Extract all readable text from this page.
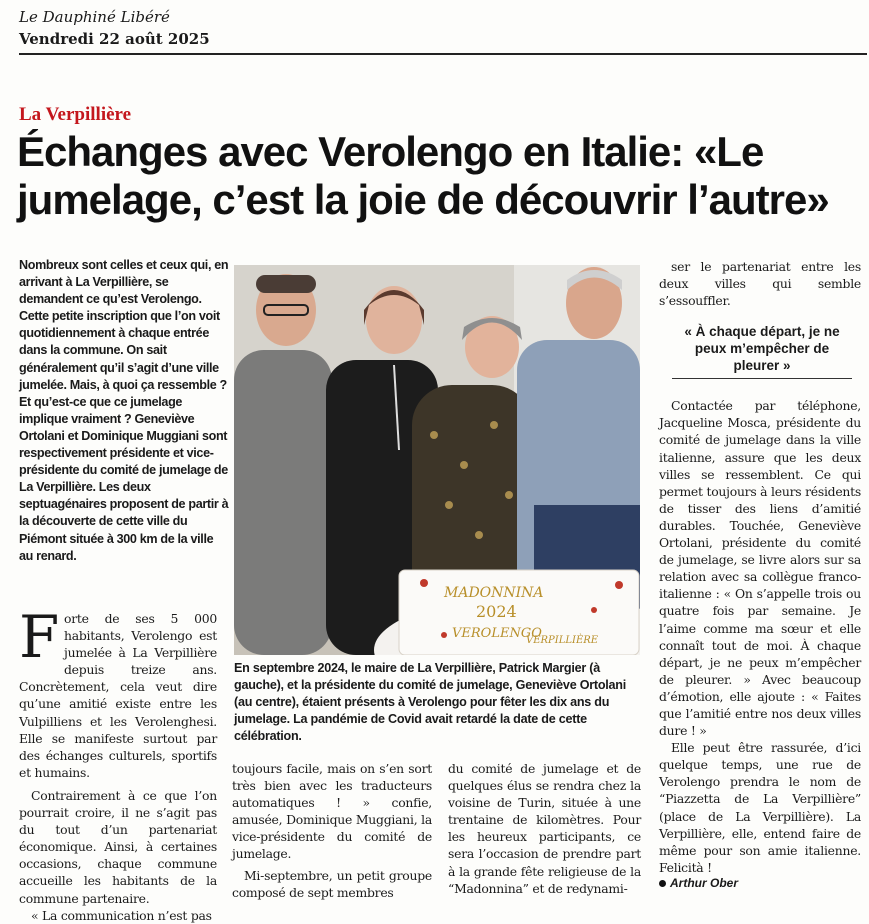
Le Dauphiné Libéré
Vendredi 22 août 2025
La Verpillière
Échanges avec Verolengo en Italie: «Le jumelage, c’est la joie de découvrir l’autre»

Nombreux sont celles et ceux qui, en arrivant à La Verpillière, se demandent ce qu’est Verolengo. Cette petite inscription que l’on voit quotidiennement à chaque entrée dans la commune. On sait généralement qu’il s’agit d’une ville jumelée. Mais, à quoi ça ressemble ? Et qu’est-ce que ce jumelage implique vraiment ? Geneviève Ortolani et Dominique Muggiani sont respectivement présidente et vice-présidente du comité de jumelage de La Verpillière. Les deux septuagénaires proposent de partir à la découverte de cette ville du Piémont située à 300 km de la ville au renard.

F orte de ses 5 000 habitants, Verolengo est jumelée à La Verpillière depuis treize ans. Concrètement, cela veut dire qu’une amitié existe entre les Vulpilliens et les Verolenghesi. Elle se manifeste surtout par des échanges culturels, sportifs et humains.

Contrairement à ce que l’on pourrait croire, il ne s’agit pas du tout d’un partenariat économique. Ainsi, à certaines occasions, chaque commune accueille les habitants de la commune partenaire.

« La communication n’est pas

MADONNINA
2024
VEROLENGO
VERPILLIÈRE
En septembre 2024, le maire de La Verpillière, Patrick Margier (à gauche), et la présidente du comité de jumelage, Geneviève Ortolani (au centre), étaient présents à Verolengo pour fêter les dix ans du jumelage. La pandémie de Covid avait retardé la date de cette célébration.

toujours facile, mais on s’en sort très bien avec les traducteurs automatiques ! » confie, amusée, Dominique Muggiani, la vice-présidente du comité de jumelage.

Mi-septembre, un petit groupe composé de sept membres

du comité de jumelage et de quelques élus se rendra chez la voisine de Turin, située à une trentaine de kilomètres. Pour les heureux participants, ce sera l’occasion de prendre part à la grande fête religieuse de la “Madonnina” et de redynami-

ser le partenariat entre les deux villes qui semble s’essouffler.

Contactée par téléphone, Jacqueline Mosca, présidente du comité de jumelage dans la ville italienne, assure que les deux villes se ressemblent. Ce qui permet toujours à leurs résidents de tisser des liens d’amitié durables. Touchée, Geneviève Ortolani, présidente du comité de jumelage, se livre alors sur sa relation avec sa collègue franco-italienne : « On s’appelle trois ou quatre fois par semaine. Je l’aime comme ma sœur et elle connaît tout de moi. À chaque départ, je ne peux m’empêcher de pleurer. » Avec beaucoup d’émotion, elle ajoute : « Faites que l’amitié entre nos deux villes dure ! »

Elle peut être rassurée, d’ici quelque temps, une rue de Verolengo prendra le nom de “Piazzetta de La Verpillière” (place de La Verpillière). La Verpillière, elle, entend faire de même pour son amie italienne. Felicità !

« À chaque départ, je ne peux m’empêcher de pleurer »
Arthur Ober
